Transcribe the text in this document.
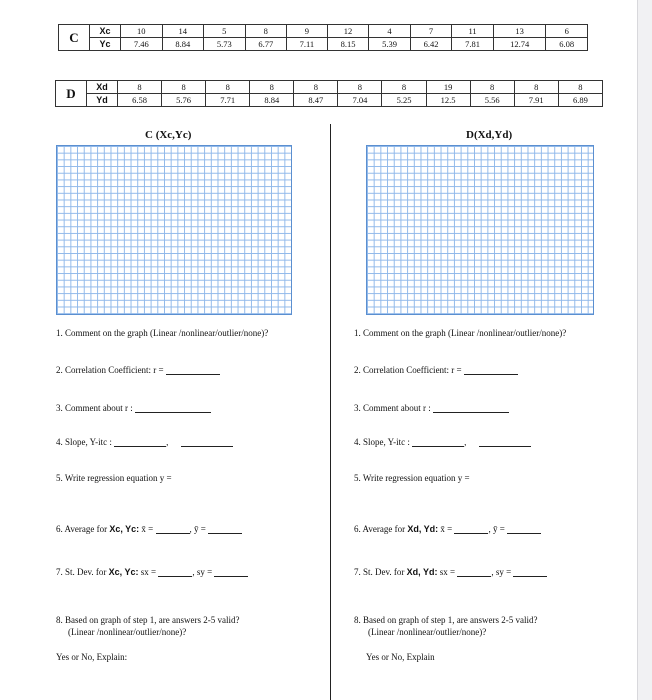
C	Xc	10	14	5	8	9	12	4	7	11	13	6
	Yc	7.46	8.84	5.73	6.77	7.11	8.15	5.39	6.42	7.81	12.74	6.08
D	Xd	8	8	8	8	8	8	8	19	8	8	8
	Yd	6.58	5.76	7.71	8.84	8.47	7.04	5.25	12.5	5.56	7.91	6.89
C (Xc,Yc)	D(Xd,Yd)
1. Comment on the graph (Linear /nonlinear/outlier/none)?
2. Correlation Coefficient: r =
3. Comment about r :
4. Slope, Y-itc :	,
5. Write regression equation y =
6. Average for Xc, Yc: x̄ =	, ȳ =
7. St. Dev. for Xc, Yc: sx =	, sy =
8. Based on graph of step 1, are answers 2-5 valid?
(Linear /nonlinear/outlier/none)?
Yes or No, Explain:
1. Comment on the graph (Linear /nonlinear/outlier/none)?
2. Correlation Coefficient: r =
3. Comment about r :
4. Slope, Y-itc :	,
5. Write regression equation y =
6. Average for Xd, Yd: x̄ =	, ȳ =
7. St. Dev. for Xd, Yd: sx =	, sy =
8. Based on graph of step 1, are answers 2-5 valid?
(Linear /nonlinear/outlier/none)?
Yes or No, Explain
